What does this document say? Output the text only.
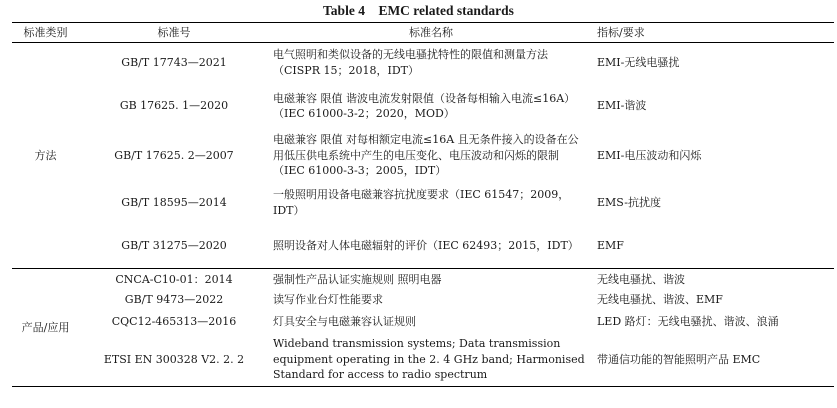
Table 4    EMC related standards
标准类别	标准号	标准名称	指标/要求
方法	GB/T 17743—2021	电气照明和类似设备的无线电骚扰特性的限值和测量方法（CISPR 15；2018，IDT）	EMI-无线电骚扰
	GB 17625. 1—2020	电磁兼容 限值 谐波电流发射限值（设备每相输入电流≤16A）（IEC 61000-3-2；2020，MOD）	EMI-谐波
	GB/T 17625. 2—2007	电磁兼容 限值 对每相额定电流≤16A 且无条件接入的设备在公用低压供电系统中产生的电压变化、电压波动和闪烁的限制（IEC 61000-3-3；2005，IDT）	EMI-电压波动和闪烁
	GB/T 18595—2014	一般照明用设备电磁兼容抗扰度要求（IEC 61547；2009，IDT）	EMS-抗扰度
	GB/T 31275—2020	照明设备对人体电磁辐射的评价（IEC 62493；2015，IDT）	EMF
产品/应用	CNCA-C10-01：2014	强制性产品认证实施规则 照明电器	无线电骚扰、谐波
	GB/T 9473—2022	读写作业台灯性能要求	无线电骚扰、谐波、EMF
	CQC12-465313—2016	灯具安全与电磁兼容认证规则	LED 路灯：无线电骚扰、谐波、浪涌
	ETSI EN 300328 V2. 2. 2	Wideband transmission systems; Data transmission equipment operating in the 2. 4 GHz band; Harmonised Standard for access to radio spectrum	带通信功能的智能照明产品 EMC
